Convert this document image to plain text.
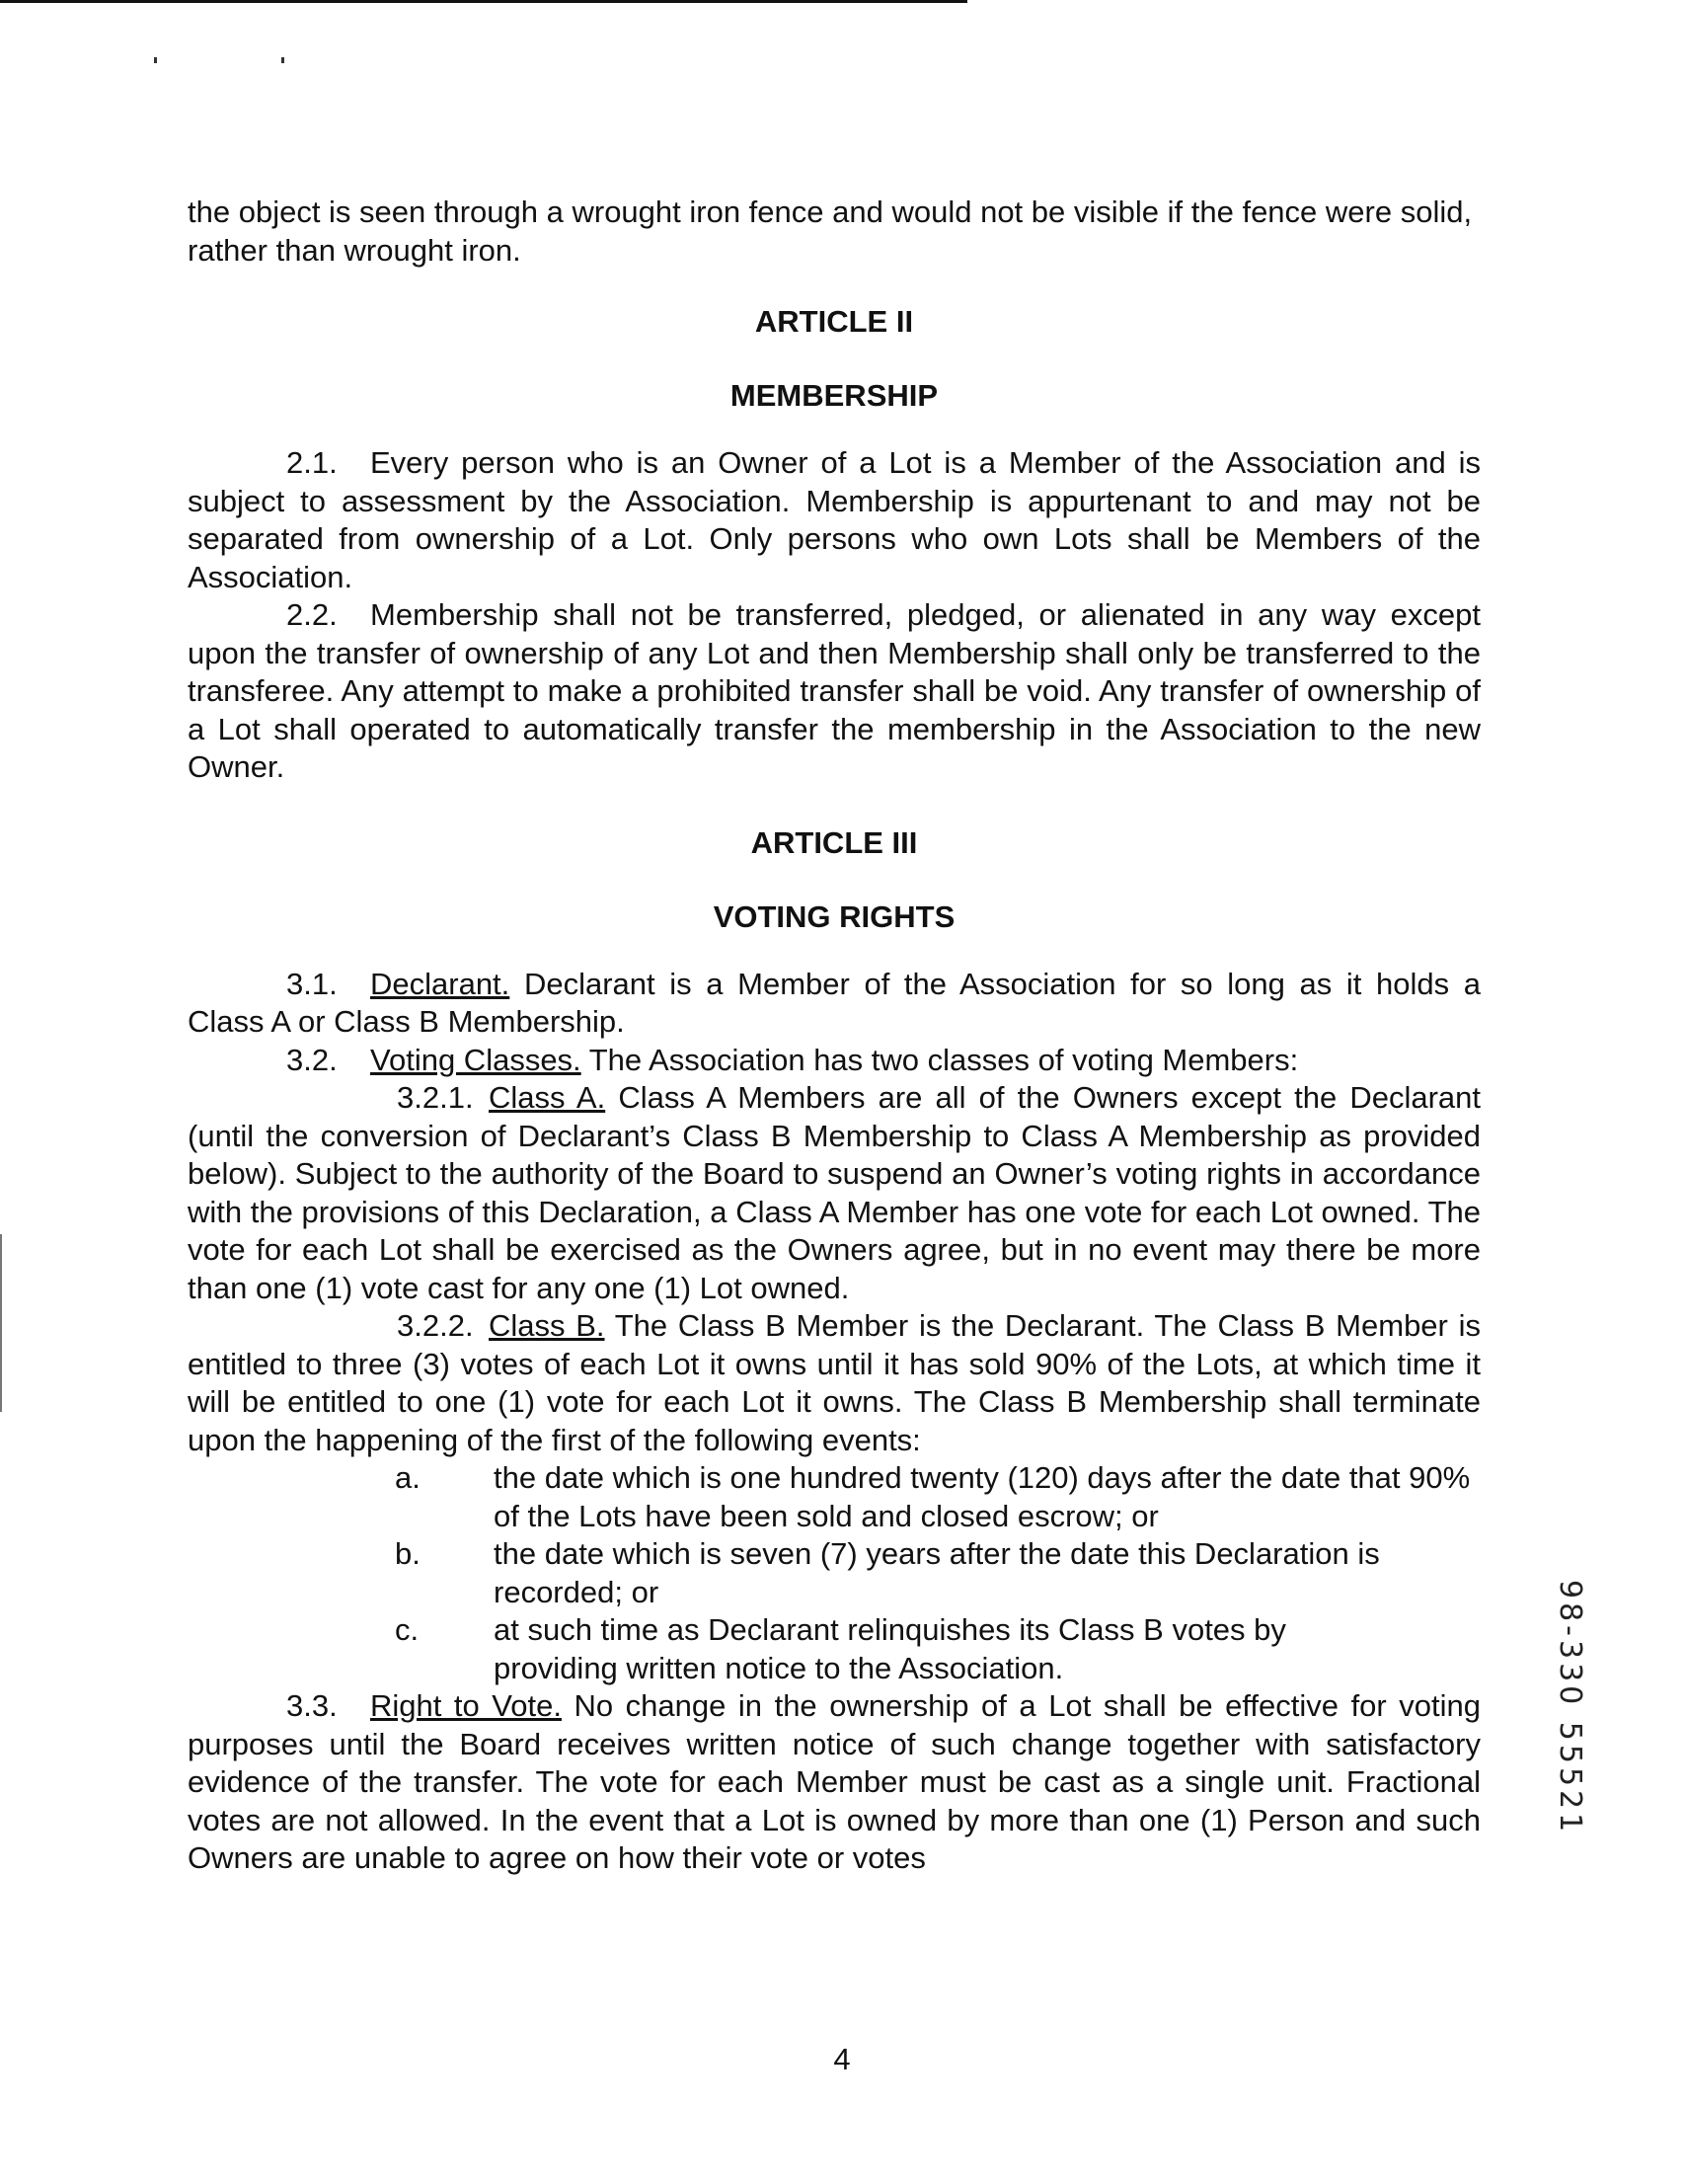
the object is seen through a wrought iron fence and would not be visible if the fence were solid, rather than wrought iron.

ARTICLE II

MEMBERSHIP

2.1. Every person who is an Owner of a Lot is a Member of the Association and is subject to assessment by the Association. Membership is appurtenant to and may not be separated from ownership of a Lot. Only persons who own Lots shall be Members of the Association.

2.2. Membership shall not be transferred, pledged, or alienated in any way except upon the transfer of ownership of any Lot and then Membership shall only be transferred to the transferee. Any attempt to make a prohibited transfer shall be void. Any transfer of ownership of a Lot shall operated to automatically transfer the membership in the Association to the new Owner.

ARTICLE III

VOTING RIGHTS

3.1. Declarant. Declarant is a Member of the Association for so long as it holds a Class A or Class B Membership.

3.2. Voting Classes. The Association has two classes of voting Members:

3.2.1. Class A. Class A Members are all of the Owners except the Declarant (until the conversion of Declarant’s Class B Membership to Class A Membership as provided below). Subject to the authority of the Board to suspend an Owner’s voting rights in accordance with the provisions of this Declaration, a Class A Member has one vote for each Lot owned. The vote for each Lot shall be exercised as the Owners agree, but in no event may there be more than one (1) vote cast for any one (1) Lot owned.

3.2.2. Class B. The Class B Member is the Declarant. The Class B Member is entitled to three (3) votes of each Lot it owns until it has sold 90% of the Lots, at which time it will be entitled to one (1) vote for each Lot it owns. The Class B Membership shall terminate upon the happening of the first of the following events:

a.	the date which is one hundred twenty (120) days after the date that 90% of the Lots have been sold and closed escrow; or
b.	the date which is seven (7) years after the date this Declaration is recorded; or
c.	at such time as Declarant relinquishes its Class B votes by providing written notice to the Association.

3.3. Right to Vote. No change in the ownership of a Lot shall be effective for voting purposes until the Board receives written notice of such change together with satisfactory evidence of the transfer. The vote for each Member must be cast as a single unit. Fractional votes are not allowed. In the event that a Lot is owned by more than one (1) Person and such Owners are unable to agree on how their vote or votes

4
98-330 55521
